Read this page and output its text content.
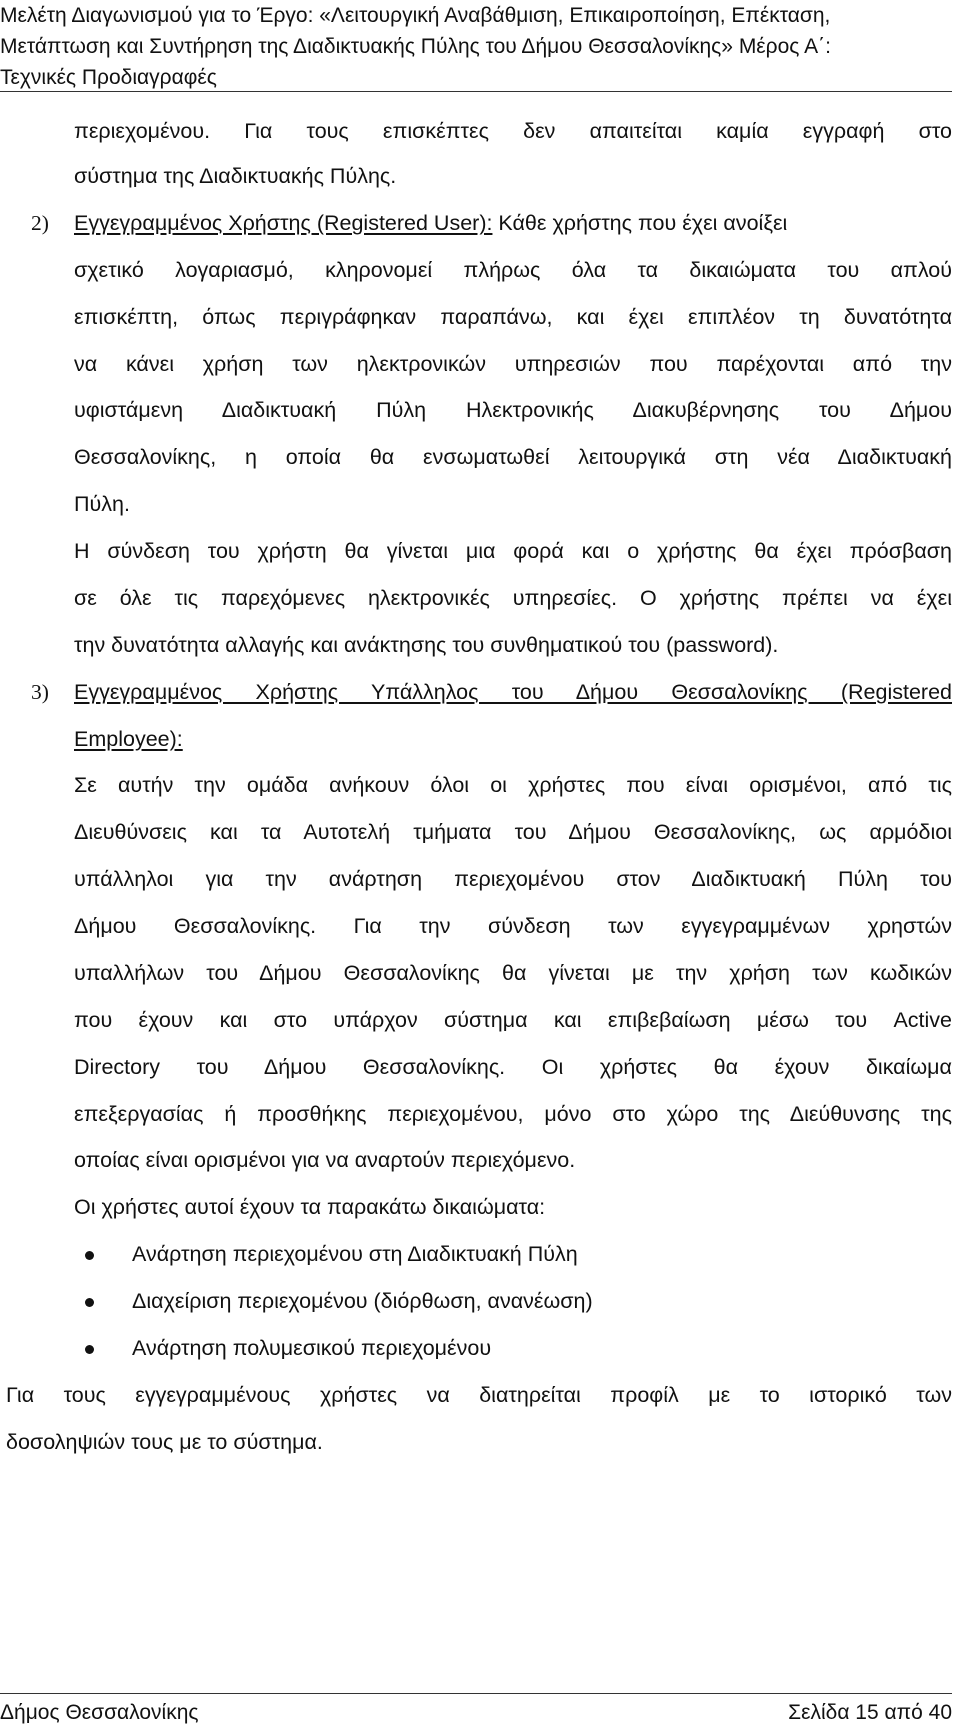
Μελέτη Διαγωνισμού για το Έργο: «Λειτουργική Αναβάθμιση, Επικαιροποίηση, Επέκταση,
Μετάπτωση και Συντήρηση της Διαδικτυακής Πύλης του Δήμου Θεσσαλονίκης» Μέρος Α΄:
Τεχνικές Προδιαγραφές
περιεχομένου. Για τους επισκέπτες δεν απαιτείται καμία εγγραφή στο
σύστημα της Διαδικτυακής Πύλης.
2) Εγγεγραμμένος Χρήστης (Registered User): Κάθε χρήστης που έχει ανοίξει
σχετικό λογαριασμό, κληρονομεί πλήρως όλα τα δικαιώματα του απλού
επισκέπτη, όπως περιγράφηκαν παραπάνω, και έχει επιπλέον τη δυνατότητα
να κάνει χρήση των ηλεκτρονικών υπηρεσιών που παρέχονται από την
υφιστάμενη Διαδικτυακή Πύλη Ηλεκτρονικής Διακυβέρνησης του Δήμου
Θεσσαλονίκης, η οποία θα ενσωματωθεί λειτουργικά στη νέα Διαδικτυακή
Πύλη.
Η σύνδεση του χρήστη θα γίνεται μια φορά και ο χρήστης θα έχει πρόσβαση
σε όλε τις παρεχόμενες ηλεκτρονικές υπηρεσίες. Ο χρήστης πρέπει να έχει
την δυνατότητα αλλαγής και ανάκτησης του συνθηματικού του (password).
3) Εγγεγραμμένος Χρήστης Υπάλληλος του Δήμου Θεσσαλονίκης (Registered
Employee):
Σε αυτήν την ομάδα ανήκουν όλοι οι χρήστες που είναι ορισμένοι, από τις
Διευθύνσεις και τα Αυτοτελή τμήματα του Δήμου Θεσσαλονίκης, ως αρμόδιοι
υπάλληλοι για την ανάρτηση περιεχομένου στον Διαδικτυακή Πύλη του
Δήμου Θεσσαλονίκης. Για την σύνδεση των εγγεγραμμένων χρηστών
υπαλλήλων του Δήμου Θεσσαλονίκης θα γίνεται με την χρήση των κωδικών
που έχουν και στο υπάρχον σύστημα και επιβεβαίωση μέσω του Active
Directory του Δήμου Θεσσαλονίκης. Οι χρήστες θα έχουν δικαίωμα
επεξεργασίας ή προσθήκης περιεχομένου, μόνο στο χώρο της Διεύθυνσης της
οποίας είναι ορισμένοι για να αναρτούν περιεχόμενο.
Οι χρήστες αυτοί έχουν τα παρακάτω δικαιώματα:
Ανάρτηση περιεχομένου στη Διαδικτυακή Πύλη
Διαχείριση περιεχομένου (διόρθωση, ανανέωση)
Ανάρτηση πολυμεσικού περιεχομένου
Για τους εγγεγραμμένους χρήστες να διατηρείται προφίλ με το ιστορικό των
δοσοληψιών τους με το σύστημα.
Δήμος Θεσσαλονίκης	Σελίδα 15 από 40
